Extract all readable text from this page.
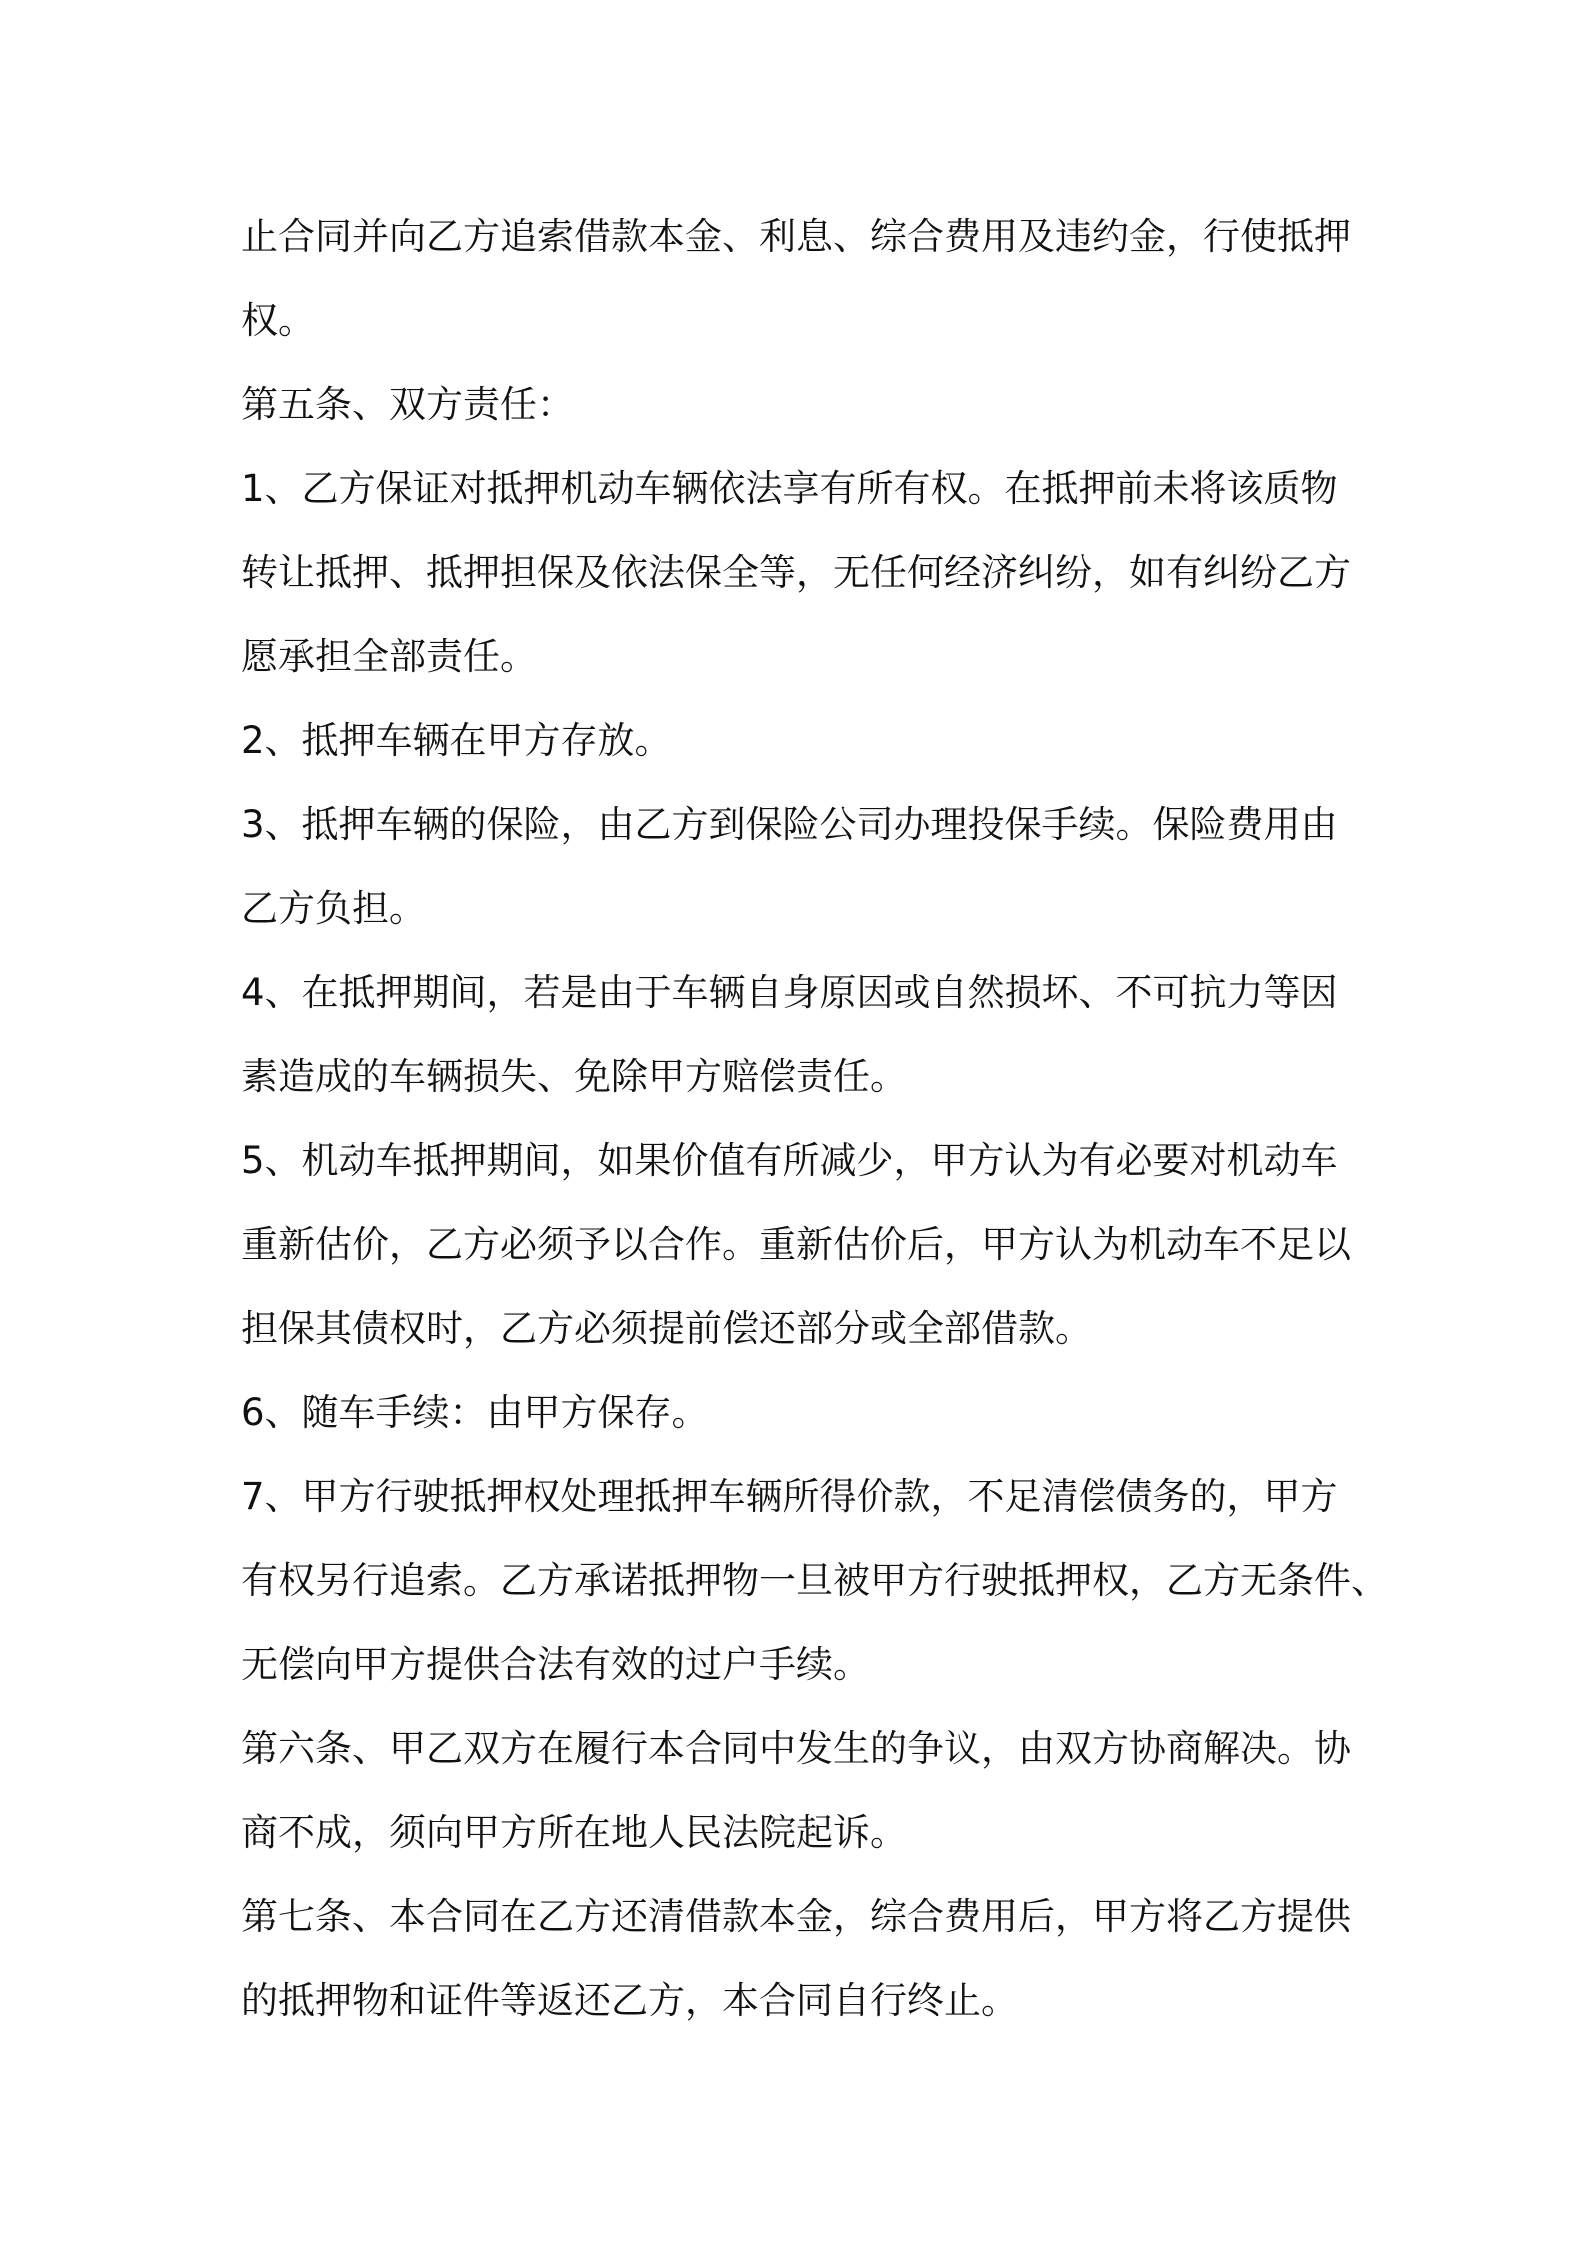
止合同并向乙方追索借款本金、利息、综合费用及违约金，行使抵押
权。

第五条、双方责任：

1、乙方保证对抵押机动车辆依法享有所有权。在抵押前未将该质物
转让抵押、抵押担保及依法保全等，无任何经济纠纷，如有纠纷乙方
愿承担全部责任。

2、抵押车辆在甲方存放。

3、抵押车辆的保险，由乙方到保险公司办理投保手续。保险费用由
乙方负担。

4、在抵押期间，若是由于车辆自身原因或自然损坏、不可抗力等因
素造成的车辆损失、免除甲方赔偿责任。

5、机动车抵押期间，如果价值有所减少，甲方认为有必要对机动车
重新估价，乙方必须予以合作。重新估价后，甲方认为机动车不足以
担保其债权时，乙方必须提前偿还部分或全部借款。

6、随车手续：由甲方保存。

7、甲方行驶抵押权处理抵押车辆所得价款，不足清偿债务的，甲方
有权另行追索。乙方承诺抵押物一旦被甲方行驶抵押权，乙方无条件、
无偿向甲方提供合法有效的过户手续。

第六条、甲乙双方在履行本合同中发生的争议，由双方协商解决。协
商不成，须向甲方所在地人民法院起诉。

第七条、本合同在乙方还清借款本金，综合费用后，甲方将乙方提供
的抵押物和证件等返还乙方，本合同自行终止。
